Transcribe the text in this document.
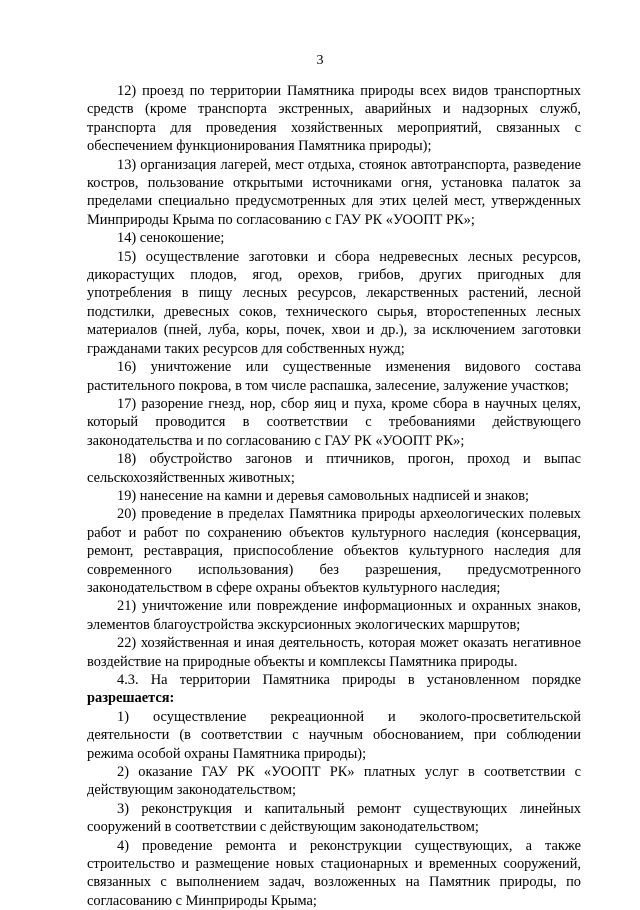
3

12) проезд по территории Памятника природы всех видов транспортных средств (кроме транспорта экстренных, аварийных и надзорных служб, транспорта для проведения хозяйственных мероприятий, связанных с обеспечением функционирования Памятника природы);

13) организация лагерей, мест отдыха, стоянок автотранспорта, разведение костров, пользование открытыми источниками огня, установка палаток за пределами специально предусмотренных для этих целей мест, утвержденных Минприроды Крыма по согласованию с ГАУ РК «УООПТ РК»;

14) сенокошение;

15) осуществление заготовки и сбора недревесных лесных ресурсов, дикорастущих плодов, ягод, орехов, грибов, других пригодных для употребления в пищу лесных ресурсов, лекарственных растений, лесной подстилки, древесных соков, технического сырья, второстепенных лесных материалов (пней, луба, коры, почек, хвои и др.), за исключением заготовки гражданами таких ресурсов для собственных нужд;

16) уничтожение или существенные изменения видового состава растительного покрова, в том числе распашка, залесение, залужение участков;

17) разорение гнезд, нор, сбор яиц и пуха, кроме сбора в научных целях, который проводится в соответствии с требованиями действующего законодательства и по согласованию с ГАУ РК «УООПТ РК»;

18) обустройство загонов и птичников, прогон, проход и выпас сельскохозяйственных животных;

19) нанесение на камни и деревья самовольных надписей и знаков;

20) проведение в пределах Памятника природы археологических полевых работ и работ по сохранению объектов культурного наследия (консервация, ремонт, реставрация, приспособление объектов культурного наследия для современного использования) без разрешения, предусмотренного законодательством в сфере охраны объектов культурного наследия;

21) уничтожение или повреждение информационных и охранных знаков, элементов благоустройства экскурсионных экологических маршрутов;

22) хозяйственная и иная деятельность, которая может оказать негативное воздействие на природные объекты и комплексы Памятника природы.

4.3. На территории Памятника природы в установленном порядке разрешается:

1) осуществление рекреационной и эколого-просветительской деятельности (в соответствии с научным обоснованием, при соблюдении режима особой охраны Памятника природы);

2) оказание ГАУ РК «УООПТ РК» платных услуг в соответствии с действующим законодательством;

3) реконструкция и капитальный ремонт существующих линейных сооружений в соответствии с действующим законодательством;

4) проведение ремонта и реконструкции существующих, а также строительство и размещение новых стационарных и временных сооружений, связанных с выполнением задач, возложенных на Памятник природы, по согласованию с Минприроды Крыма;
